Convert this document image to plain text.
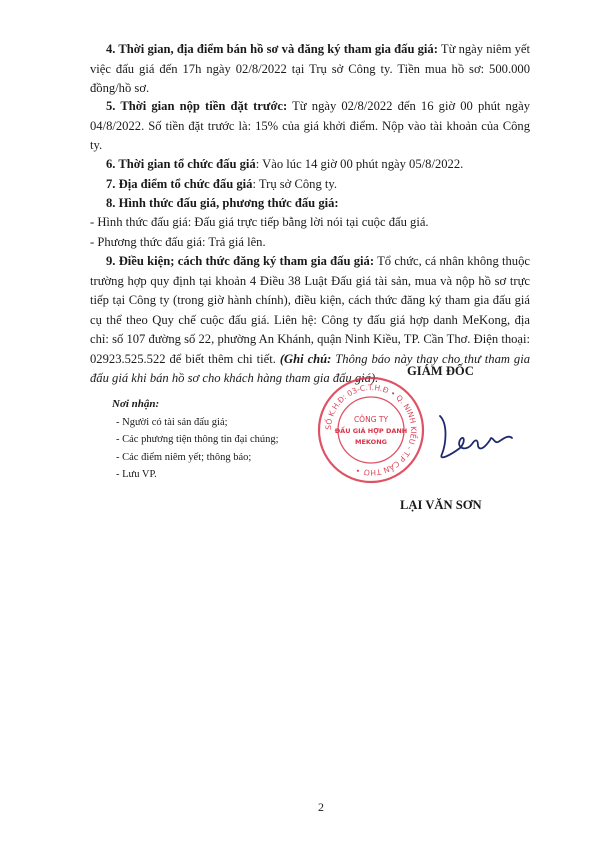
4. Thời gian, địa điểm bán hồ sơ và đăng ký tham gia đấu giá: Từ ngày niêm yết việc đấu giá đến 17h ngày 02/8/2022 tại Trụ sở Công ty. Tiền mua hồ sơ: 500.000 đồng/hồ sơ.
5. Thời gian nộp tiền đặt trước: Từ ngày 02/8/2022 đến 16 giờ 00 phút ngày 04/8/2022. Số tiền đặt trước là: 15% của giá khởi điểm. Nộp vào tài khoản của Công ty.
6. Thời gian tổ chức đấu giá: Vào lúc 14 giờ 00 phút ngày 05/8/2022.
7. Địa điểm tổ chức đấu giá: Trụ sở Công ty.
8. Hình thức đấu giá, phương thức đấu giá:
- Hình thức đấu giá: Đấu giá trực tiếp bằng lời nói tại cuộc đấu giá.
- Phương thức đấu giá: Trả giá lên.
9. Điều kiện; cách thức đăng ký tham gia đấu giá: Tổ chức, cá nhân không thuộc trường hợp quy định tại khoản 4 Điều 38 Luật Đấu giá tài sản, mua và nộp hồ sơ trực tiếp tại Công ty (trong giờ hành chính), điều kiện, cách thức đăng ký tham gia đấu giá cụ thể theo Quy chế cuộc đấu giá. Liên hệ: Công ty đấu giá hợp danh MeKong, địa chỉ: số 107 đường số 22, phường An Khánh, quận Ninh Kiều, TP. Cần Thơ. Điện thoại: 02923.525.522 để biết thêm chi tiết. (Ghi chú: Thông báo này thay cho thư tham gia đấu giá khi bán hồ sơ cho khách hàng tham gia đấu giá).
Nơi nhận:
- Người có tài sản đấu giá;
- Các phương tiện thông tin đại chúng;
- Các điểm niêm yết; thông báo;
- Lưu VP.
GIÁM ĐỐC
SỐ K.H.Đ: 03-C.T.H.Đ • Q. NINH KIỀU - T.P CẦN THƠ •
CÔNG TY
ĐẤU GIÁ HỢP DANH
MEKONG
LẠI VĂN SƠN
2
